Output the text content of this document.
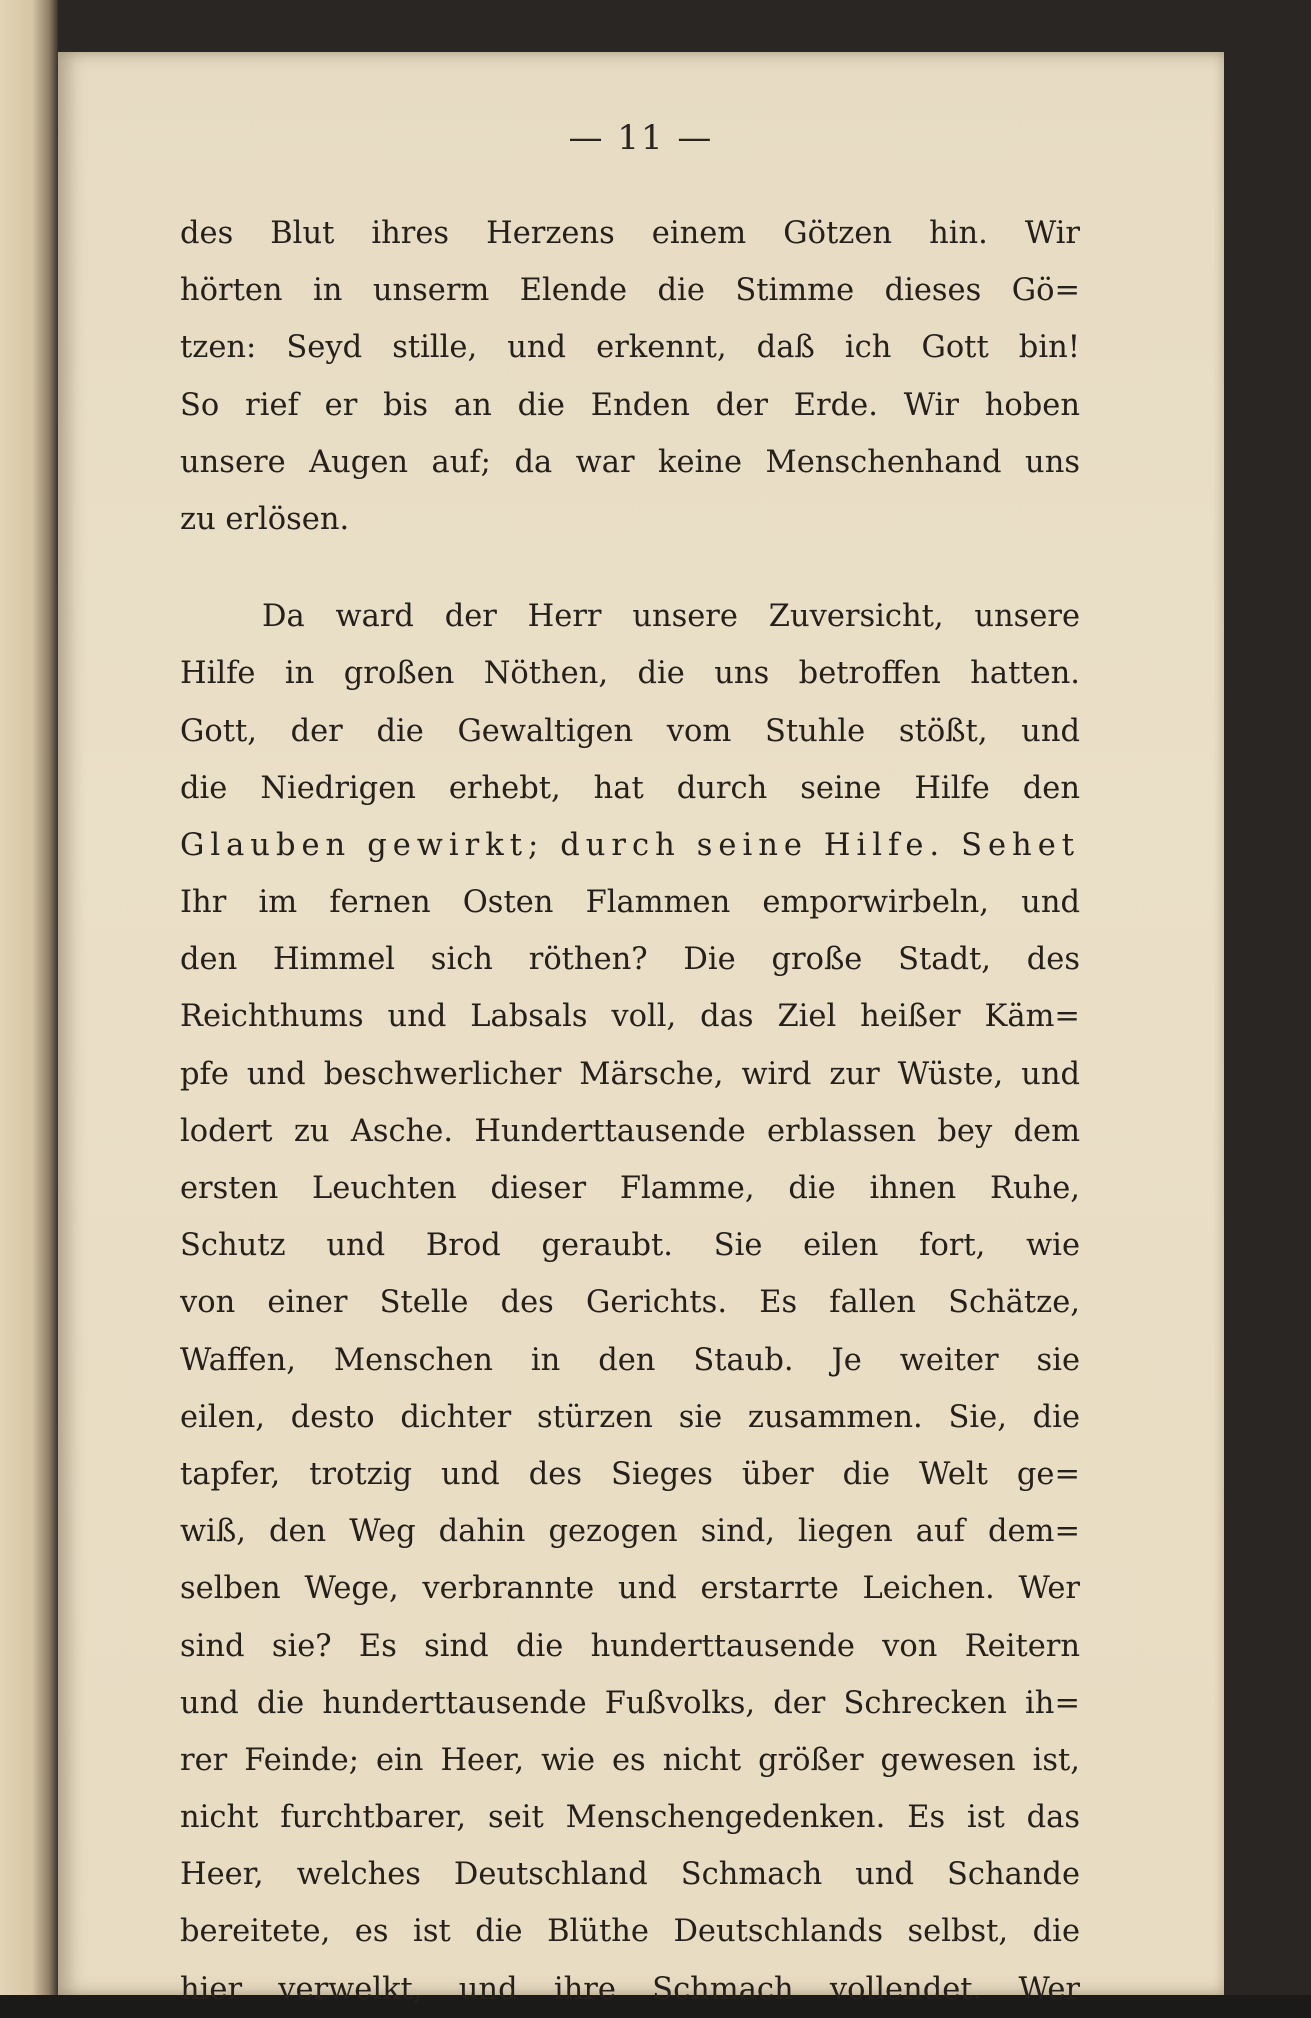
— 11 —
des Blut ihres Herzens einem Götzen hin. Wir
hörten in unserm Elende die Stimme dieses Gö=
tzen: Seyd stille, und erkennt, daß ich Gott bin!
So rief er bis an die Enden der Erde. Wir hoben
unsere Augen auf; da war keine Menschenhand uns
zu erlösen.
Da ward der Herr unsere Zuversicht, unsere
Hilfe in großen Nöthen, die uns betroffen hatten.
Gott, der die Gewaltigen vom Stuhle stößt, und
die Niedrigen erhebt, hat durch seine Hilfe den
Glauben gewirkt; durch seine Hilfe. Sehet
Ihr im fernen Osten Flammen emporwirbeln, und
den Himmel sich röthen? Die große Stadt, des
Reichthums und Labsals voll, das Ziel heißer Käm=
pfe und beschwerlicher Märsche, wird zur Wüste, und
lodert zu Asche. Hunderttausende erblassen bey dem
ersten Leuchten dieser Flamme, die ihnen Ruhe,
Schutz und Brod geraubt. Sie eilen fort, wie
von einer Stelle des Gerichts. Es fallen Schätze,
Waffen, Menschen in den Staub. Je weiter sie
eilen, desto dichter stürzen sie zusammen. Sie, die
tapfer, trotzig und des Sieges über die Welt ge=
wiß, den Weg dahin gezogen sind, liegen auf dem=
selben Wege, verbrannte und erstarrte Leichen. Wer
sind sie? Es sind die hunderttausende von Reitern
und die hunderttausende Fußvolks, der Schrecken ih=
rer Feinde; ein Heer, wie es nicht größer gewesen ist,
nicht furchtbarer, seit Menschengedenken. Es ist das
Heer, welches Deutschland Schmach und Schande
bereitete, es ist die Blüthe Deutschlands selbst, die
hier verwelkt, und ihre Schmach vollendet. Wer
